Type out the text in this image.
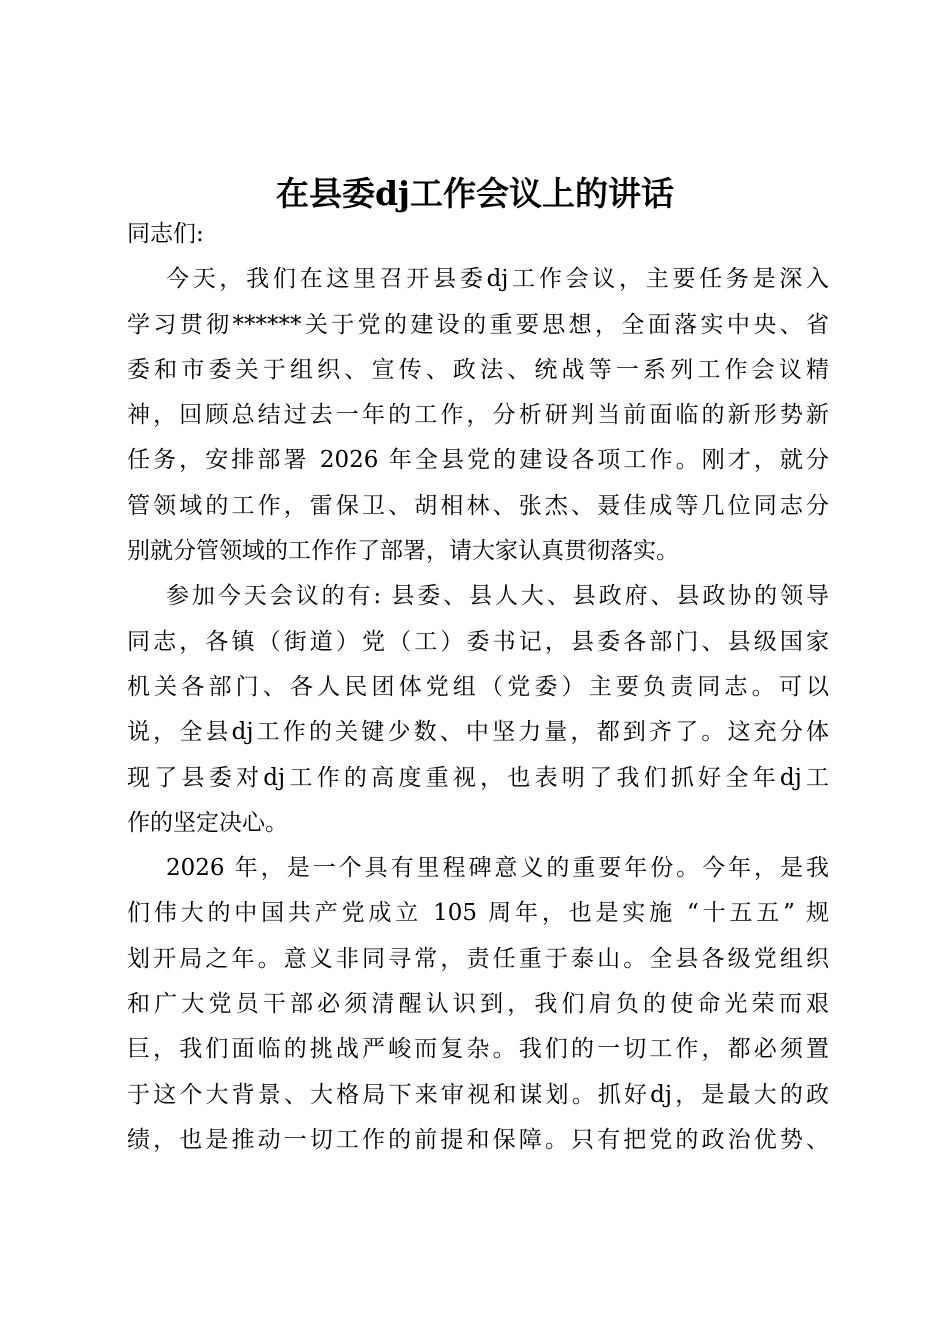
在县委dj工作会议上的讲话
同志们:
今天，我们在这里召开县委dj工作会议，主要任务是深入
学习贯彻******关于党的建设的重要思想，全面落实中央、省
委和市委关于组织、宣传、政法、统战等一系列工作会议精
神，回顾总结过去一年的工作，分析研判当前面临的新形势新
任务，安排部署 2026 年全县党的建设各项工作。刚才，就分
管领域的工作，雷保卫、胡相林、张杰、聂佳成等几位同志分
别就分管领域的工作作了部署，请大家认真贯彻落实。
参加今天会议的有: 县委、县人大、县政府、县政协的领导
同志，各镇（街道）党（工）委书记，县委各部门、县级国家
机关各部门、各人民团体党组（党委）主要负责同志。可以
说，全县dj工作的关键少数、中坚力量，都到齐了。这充分体
现了县委对dj工作的高度重视，也表明了我们抓好全年dj工
作的坚定决心。
2026 年，是一个具有里程碑意义的重要年份。今年，是我
们伟大的中国共产党成立 105 周年，也是实施 “十五五” 规
划开局之年。意义非同寻常，责任重于泰山。全县各级党组织
和广大党员干部必须清醒认识到，我们肩负的使命光荣而艰
巨，我们面临的挑战严峻而复杂。我们的一切工作，都必须置
于这个大背景、大格局下来审视和谋划。抓好dj，是最大的政
绩，也是推动一切工作的前提和保障。只有把党的政治优势、
